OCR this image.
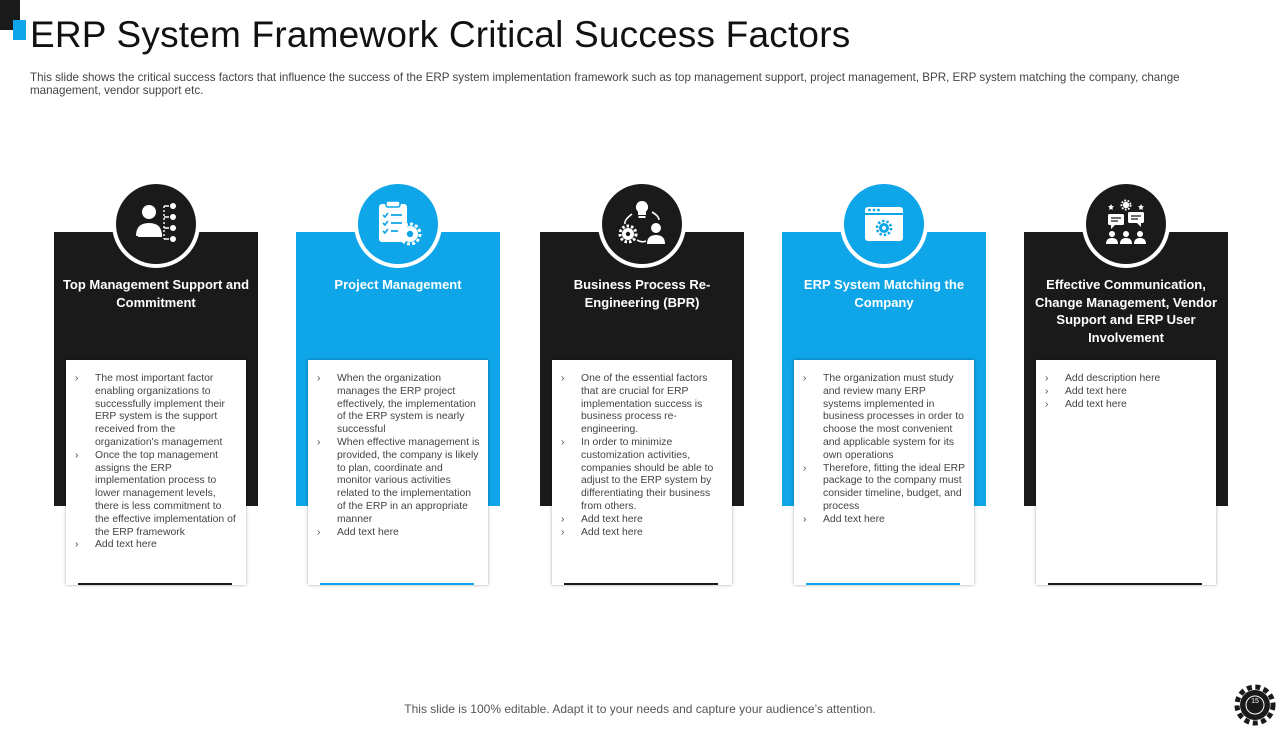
ERP System Framework Critical Success Factors

This slide shows the critical success factors that influence the success of the ERP system implementation framework such as top management support, project management, BPR, ERP system matching the company, change management, vendor support etc.

Top Management Support and Commitment
› The most important factor enabling organizations to successfully implement their ERP system is the support received from the organization's management
› Once the top management assigns the ERP implementation process to lower management levels, there is less commitment to the effective implementation of the ERP framework
› Add text here
Project Management
› When the organization manages the ERP project effectively, the implementation of the ERP system is nearly successful
› When effective management is provided, the company is likely to plan, coordinate and monitor various activities related to the implementation of the ERP in an appropriate manner
› Add text here
Business Process Re-Engineering (BPR)
› One of the essential factors that are crucial for ERP implementation success is business process re-engineering.
› In order to minimize customization activities, companies should be able to adjust to the ERP system by differentiating their business from others.
› Add text here
› Add text here
ERP System Matching the Company
› The organization must study and review many ERP systems implemented in business processes in order to choose the most convenient and applicable system for its own operations
› Therefore, fitting the ideal ERP package to the company must consider timeline, budget, and process
› Add text here
Effective Communication, Change Management, Vendor Support and ERP User Involvement
› Add description here
› Add text here
› Add text here

This slide is 100% editable. Adapt it to your needs and capture your audience’s attention.

15
